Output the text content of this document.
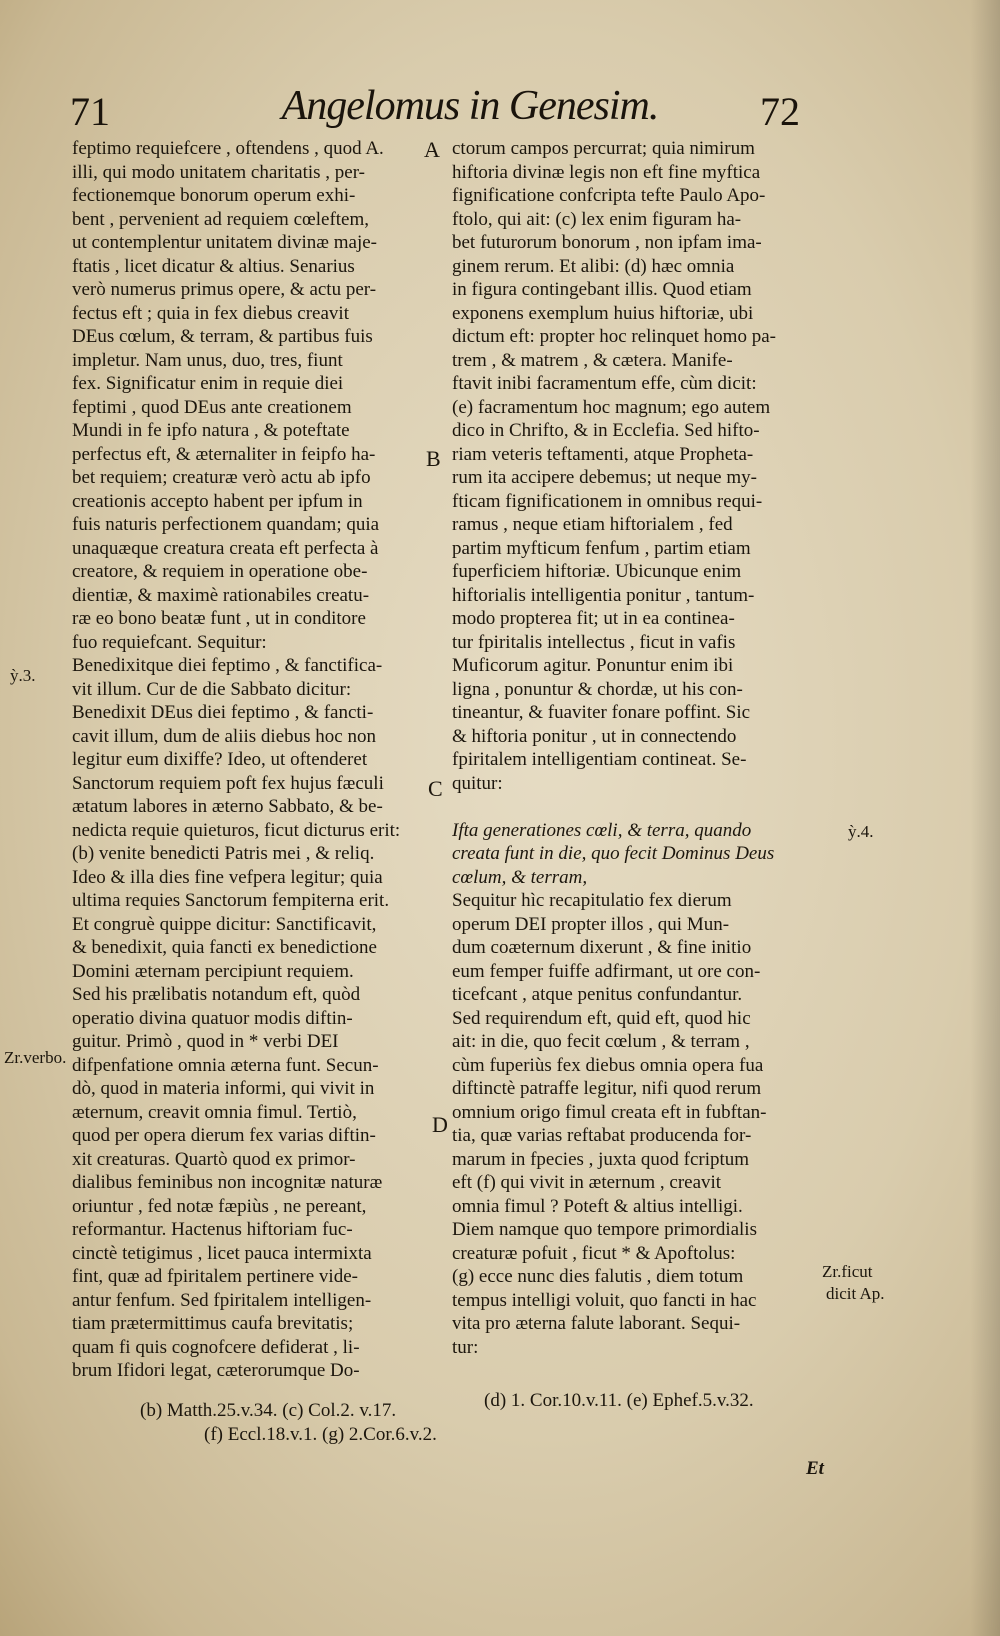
71	Angelomus in Genesim.	72
feptimo requiefcere , oftendens , quod A.
illi, qui modo unitatem charitatis , per-
fectionemque bonorum operum exhi-
bent , pervenient ad requiem cœleftem,
ut contemplentur unitatem divinæ maje-
ftatis , licet dicatur & altius. Senarius
verò numerus primus opere, & actu per-
fectus eft ; quia in fex diebus creavit
DEus cœlum, & terram, & partibus fuis
impletur. Nam unus, duo, tres, fiunt
fex. Significatur enim in requie diei
feptimi , quod DEus ante creationem
Mundi in fe ipfo natura , & poteftate
perfectus eft, & æternaliter in feipfo ha-
bet requiem; creaturæ verò actu ab ipfo
creationis accepto habent per ipfum in
fuis naturis perfectionem quandam; quia
unaquæque creatura creata eft perfecta à
creatore, & requiem in operatione obe-
dientiæ, & maximè rationabiles creatu-
ræ eo bono beatæ funt , ut in conditore
fuo requiefcant. Sequitur:
Benedixitque diei feptimo , & fanctifica-
vit illum. Cur de die Sabbato dicitur:
Benedixit DEus diei feptimo , & fancti-
cavit illum, dum de aliis diebus hoc non
legitur eum dixiffe? Ideo, ut oftenderet
Sanctorum requiem poft fex hujus fæculi
ætatum labores in æterno Sabbato, & be-
nedicta requie quieturos, ficut dicturus erit:
(b) venite benedicti Patris mei , & reliq.
Ideo & illa dies fine vefpera legitur; quia
ultima requies Sanctorum fempiterna erit.
Et congruè quippe dicitur: Sanctificavit,
& benedixit, quia fancti ex benedictione
Domini æternam percipiunt requiem.
Sed his prælibatis notandum eft, quòd
operatio divina quatuor modis diftin-
guitur. Primò , quod in * verbi DEI
difpenfatione omnia æterna funt. Secun-
dò, quod in materia informi, qui vivit in
æternum, creavit omnia fimul. Tertiò,
quod per opera dierum fex varias diftin-
xit creaturas. Quartò quod ex primor-
dialibus feminibus non incognitæ naturæ
oriuntur , fed notæ fæpiùs , ne pereant,
reformantur. Hactenus hiftoriam fuc-
cinctè tetigimus , licet pauca intermixta
fint, quæ ad fpiritalem pertinere vide-
antur fenfum. Sed fpiritalem intelligen-
tiam prætermittimus caufa brevitatis;
quam fi quis cognofcere defiderat , li-
brum Ifidori legat, cæterorumque Do-
ctorum campos percurrat; quia nimirum
hiftoria divinæ legis non eft fine myftica
fignificatione confcripta tefte Paulo Apo-
ftolo, qui ait: (c) lex enim figuram ha-
bet futurorum bonorum , non ipfam ima-
ginem rerum. Et alibi: (d) hæc omnia
in figura contingebant illis. Quod etiam
exponens exemplum huius hiftoriæ, ubi
dictum eft: propter hoc relinquet homo pa-
trem , & matrem , & cætera. Manife-
ftavit inibi facramentum effe, cùm dicit:
(e) facramentum hoc magnum; ego autem
dico in Chrifto, & in Ecclefia. Sed hifto-
riam veteris teftamenti, atque Propheta-
rum ita accipere debemus; ut neque my-
fticam fignificationem in omnibus requi-
ramus , neque etiam hiftorialem , fed
partim myfticum fenfum , partim etiam
fuperficiem hiftoriæ. Ubicunque enim
hiftorialis intelligentia ponitur , tantum-
modo propterea fit; ut in ea continea-
tur fpiritalis intellectus , ficut in vafis
Muficorum agitur. Ponuntur enim ibi
ligna , ponuntur & chordæ, ut his con-
tineantur, & fuaviter fonare poffint. Sic
& hiftoria ponitur , ut in connectendo
fpiritalem intelligentiam contineat. Se-
quitur:
Ifta generationes cœli, & terra, quando
creata funt in die, quo fecit Dominus Deus
cœlum, & terram,
Sequitur hìc recapitulatio fex dierum
operum DEI propter illos , qui Mun-
dum coæternum dixerunt , & fine initio
eum femper fuiffe adfirmant, ut ore con-
ticefcant , atque penitus confundantur.
Sed requirendum eft, quid eft, quod hic
ait: in die, quo fecit cœlum , & terram ,
cùm fuperiùs fex diebus omnia opera fua
diftinctè patraffe legitur, nifi quod rerum
omnium origo fimul creata eft in fubftan-
tia, quæ varias reftabat producenda for-
marum in fpecies , juxta quod fcriptum
eft (f) qui vivit in æternum , creavit
omnia fimul ? Poteft & altius intelligi.
Diem namque quo tempore primordialis
creaturæ pofuit , ficut * & Apoftolus:
(g) ecce nunc dies falutis , diem totum
tempus intelligi voluit, quo fancti in hac
vita pro æterna falute laborant. Sequi-
tur:
A
B
C
D
ỳ.3.
ỳ.4.
Zr.verbo.
Zr.ficut
dicit Ap.
(b) Matth.25.v.34. (c) Col.2. v.17.
(f) Eccl.18.v.1. (g) 2.Cor.6.v.2.
(d) 1. Cor.10.v.11. (e) Ephef.5.v.32.
Et
